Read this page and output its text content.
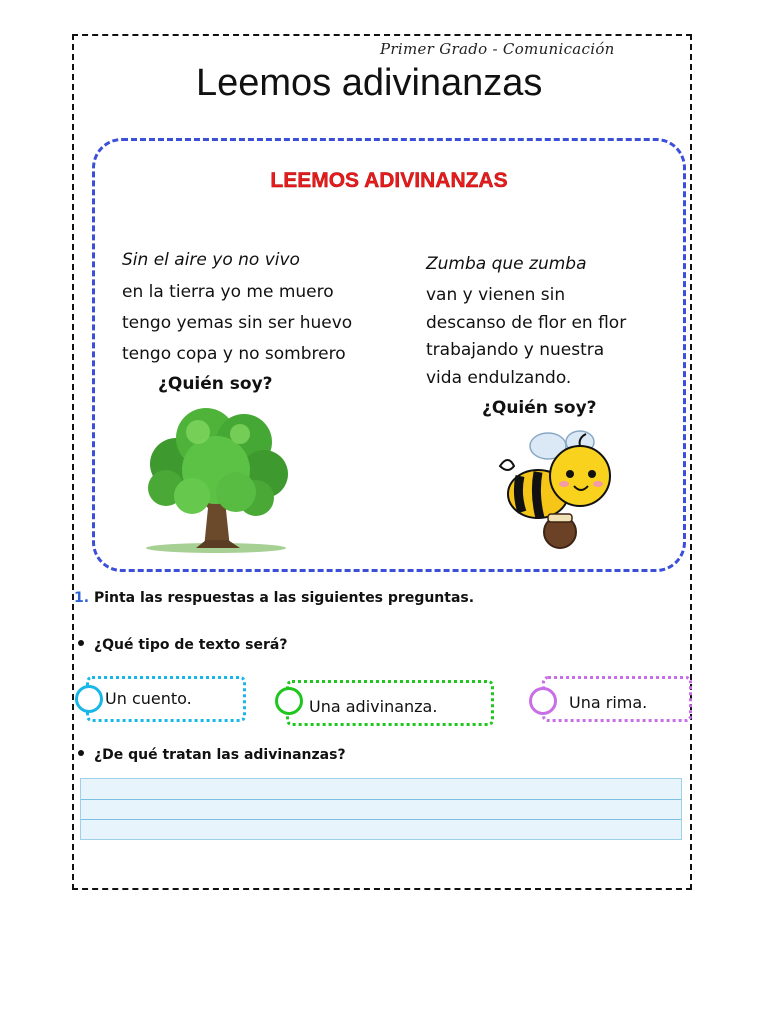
Primer Grado - Comunicación
Leemos adivinanzas
LEEMOS ADIVINANZAS
Sin el aire yo no vivo
en la tierra yo me muero
tengo yemas sin ser huevo
tengo copa y no sombrero
¿Quién soy?
Zumba que zumba
van y vienen sin
descanso de flor en flor
trabajando y nuestra
vida endulzando.
¿Quién soy?
1. Pinta las respuestas a las siguientes preguntas.
¿Qué tipo de texto será?
Un cuento.	Una adivinanza.	Una rima.
¿De qué tratan las adivinanzas?
